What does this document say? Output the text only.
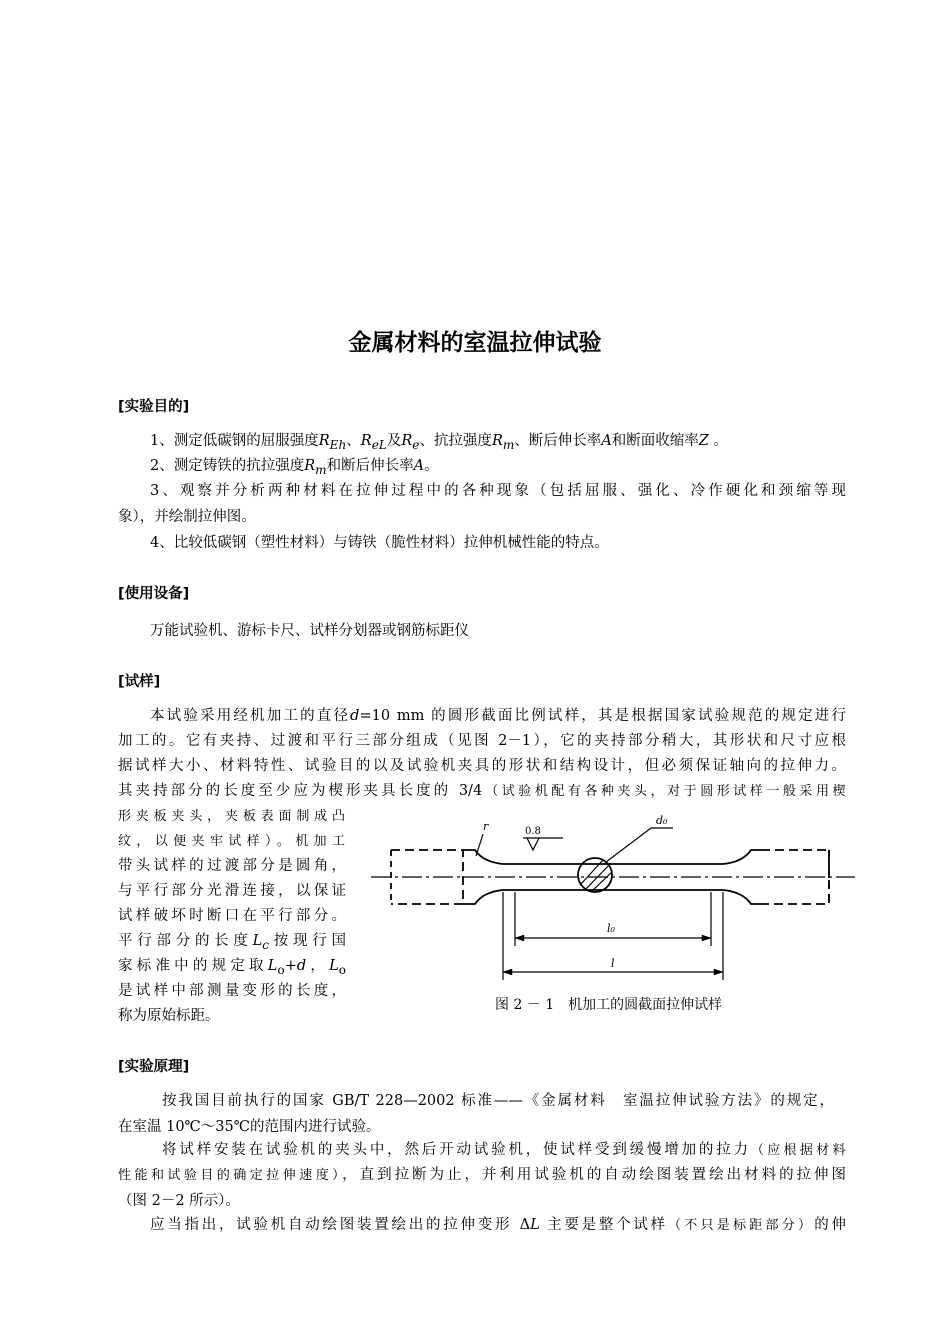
金属材料的室温拉伸试验
[实验目的]
1、测定低碳钢的屈服强度$R_{Eh}$、$R_{eL}$及$R_e$、抗拉强度$R_m$、断后伸长率A和断面收缩率Z 。
2、测定铸铁的抗拉强度$R_m$和断后伸长率A。
3、观察并分析两种材料在拉伸过程中的各种现象（包括屈服、强化、冷作硬化和颈缩等现
象），并绘制拉伸图。
4、比较低碳钢（塑性材料）与铸铁（脆性材料）拉伸机械性能的特点。
[使用设备]
万能试验机、游标卡尺、试样分划器或钢筋标距仪
[试样]
本试验采用经机加工的直径d=10 mm 的圆形截面比例试样，其是根据国家试验规范的规定进行
加工的。它有夹持、过渡和平行三部分组成（见图 2－1），它的夹持部分稍大，其形状和尺寸应根
据试样大小、材料特性、试验目的以及试验机夹具的形状和结构设计，但必须保证轴向的拉伸力。
其夹持部分的长度至少应为楔形夹具长度的 3/4（试验机配有各种夹头，对于圆形试样一般采用楔
形夹板夹头，夹板表面制成凸
纹，以便夹牢试样）。机加工
带头试样的过渡部分是圆角，
与平行部分光滑连接，以保证
试样破坏时断口在平行部分。
平行部分的长度$L_c$按现行国
家标准中的规定取$L_o+d$，$L_o$
是试样中部测量变形的长度，
称为原始标距。
r	0.8
d₀
l₀
l
图 2 － 1　机加工的圆截面拉伸试样
[实验原理]
按我国目前执行的国家 GB/T 228—2002 标准——《金属材料　室温拉伸试验方法》的规定，
在室温 10℃～35℃的范围内进行试验。
将试样安装在试验机的夹头中，然后开动试验机，使试样受到缓慢增加的拉力（应根据材料
性能和试验目的确定拉伸速度），直到拉断为止，并利用试验机的自动绘图装置绘出材料的拉伸图
（图 2－2 所示）。
应当指出，试验机自动绘图装置绘出的拉伸变形 ΔL 主要是整个试样（不只是标距部分）的伸
